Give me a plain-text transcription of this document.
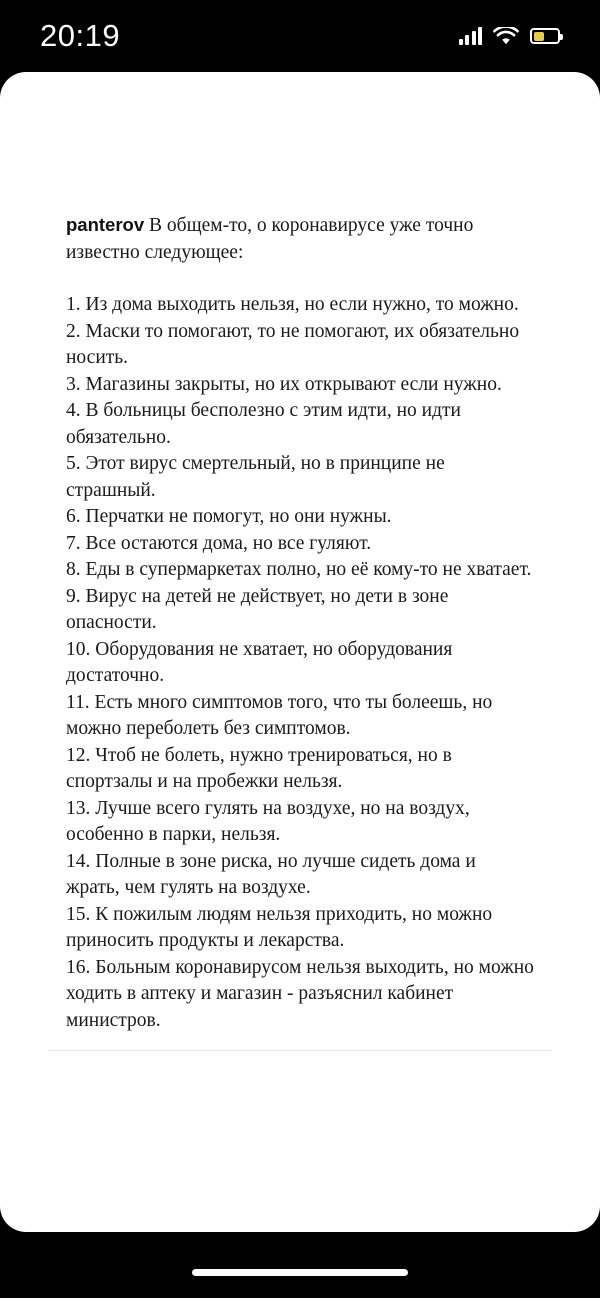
20:19
panterov В общем-то, о коронавирусе уже точно известно следующее:
1. Из дома выходить нельзя, но если нужно, то можно.
2. Маски то помогают, то не помогают, их обязательно носить.
3. Магазины закрыты, но их открывают если нужно.
4. В больницы бесполезно с этим идти, но идти обязательно.
5. Этот вирус смертельный, но в принципе не страшный.
6. Перчатки не помогут, но они нужны.
7. Все остаются дома, но все гуляют.
8. Еды в супермаркетах полно, но её кому-то не хватает.
9. Вирус на детей не действует, но дети в зоне опасности.
10. Оборудования не хватает, но оборудования достаточно.
11. Есть много симптомов того, что ты болеешь, но можно переболеть без симптомов.
12. Чтоб не болеть, нужно тренироваться, но в спортзалы и на пробежки нельзя.
13. Лучше всего гулять на воздухе, но на воздух, особенно в парки, нельзя.
14. Полные в зоне риска, но лучше сидеть дома и жрать, чем гулять на воздухе.
15. К пожилым людям нельзя приходить, но можно приносить продукты и лекарства.
16. Больным коронавирусом нельзя выходить, но можно ходить в аптеку и магазин - разъяснил кабинет министров.
